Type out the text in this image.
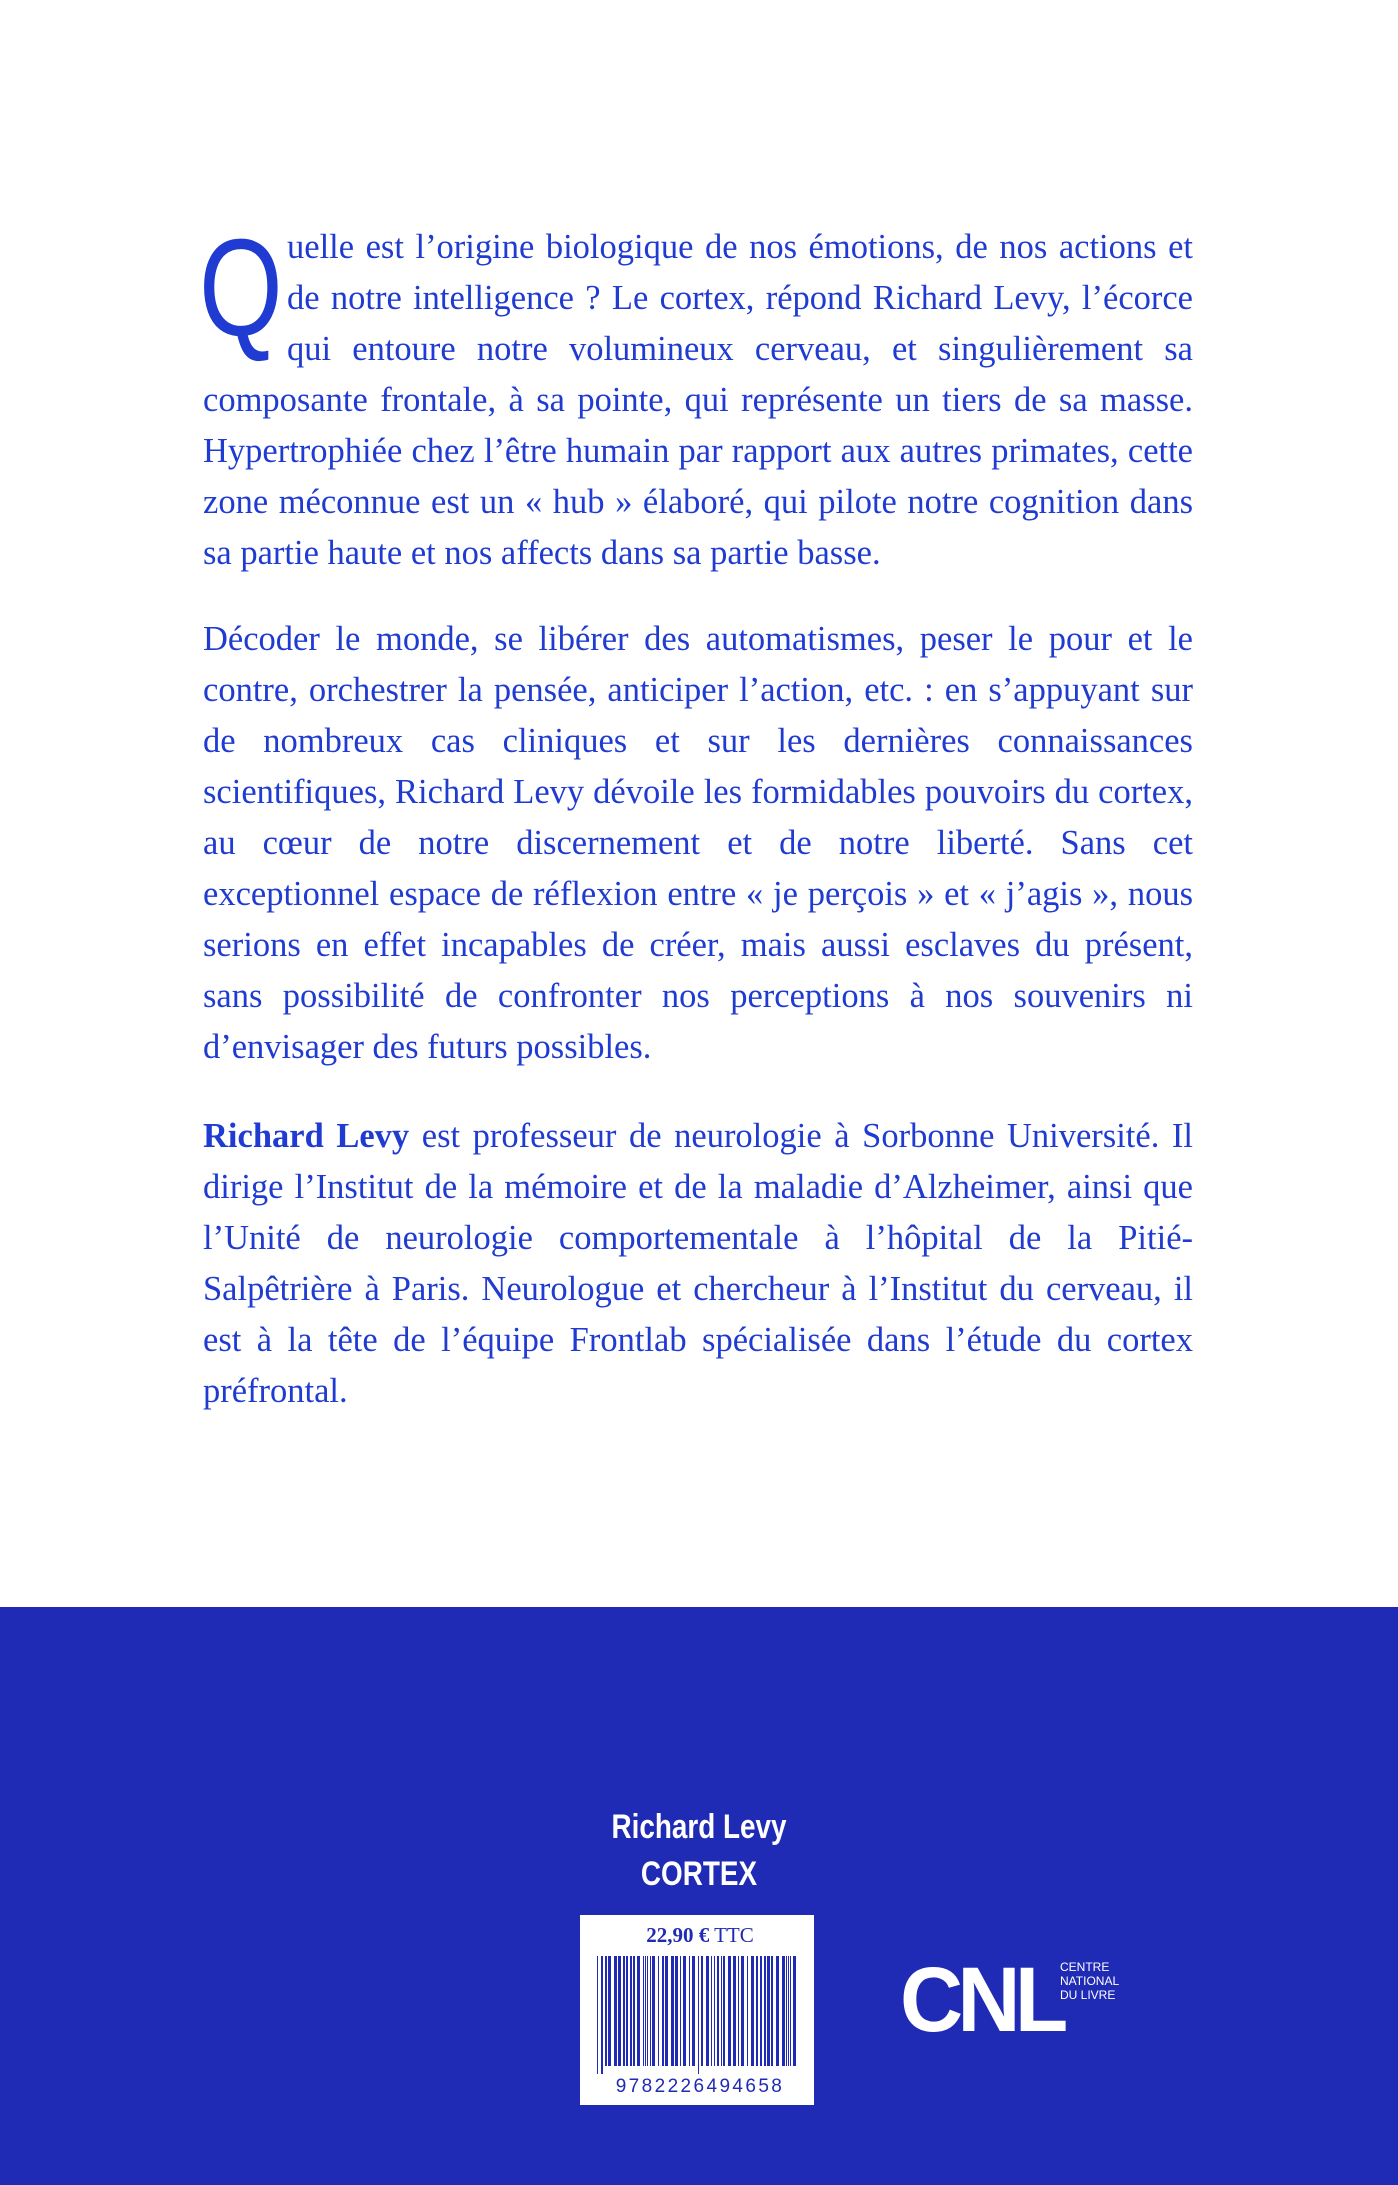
Quelle est l’origine biologique de nos émotions, de nos actions et de notre intelligence ? Le cortex, répond Richard Levy, l’écorce qui entoure notre volumineux cerveau, et singulièrement sa composante frontale, à sa pointe, qui représente un tiers de sa masse. Hypertrophiée chez l’être humain par rapport aux autres primates, cette zone méconnue est un « hub » élaboré, qui pilote notre cognition dans sa partie haute et nos affects dans sa partie basse.

Décoder le monde, se libérer des automatismes, peser le pour et le contre, orchestrer la pensée, anticiper l’action, etc. : en s’appuyant sur de nombreux cas cliniques et sur les dernières connaissances scientifiques, Richard Levy dévoile les formidables pouvoirs du cortex, au cœur de notre discernement et de notre liberté. Sans cet exceptionnel espace de réflexion entre « je perçois » et « j’agis », nous serions en effet incapables de créer, mais aussi esclaves du présent, sans possibilité de confronter nos perceptions à nos souvenirs ni d’envisager des futurs possibles.

Richard Levy est professeur de neurologie à Sorbonne Université. Il dirige l’Institut de la mémoire et de la maladie d’Alzheimer, ainsi que l’Unité de neurologie comportementale à l’hôpital de la Pitié-Salpêtrière à Paris. Neurologue et chercheur à l’Institut du cerveau, il est à la tête de l’équipe Frontlab spécialisée dans l’étude du cortex préfrontal.

Richard Levy
CORTEX
22,90 € TTC
9782226494658
CNL
CENTRE
NATIONAL
DU LIVRE
